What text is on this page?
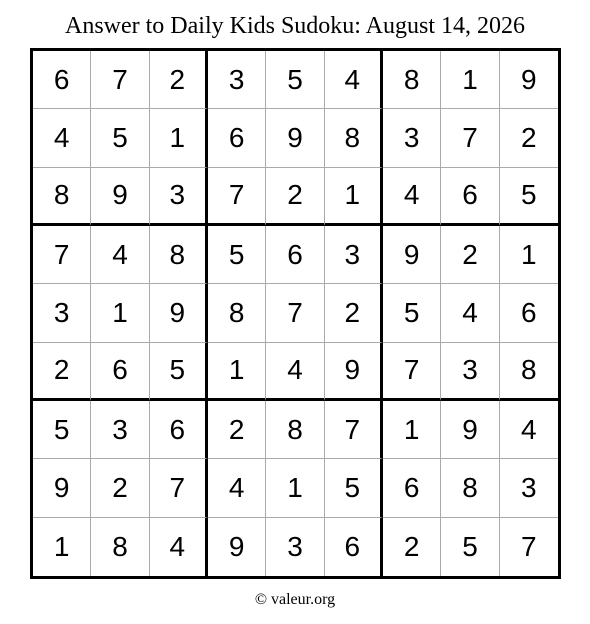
Answer to Daily Kids Sudoku: August 14, 2026
6	7	2	3	5	4	8	1	9
4	5	1	6	9	8	3	7	2
8	9	3	7	2	1	4	6	5
7	4	8	5	6	3	9	2	1
3	1	9	8	7	2	5	4	6
2	6	5	1	4	9	7	3	8
5	3	6	2	8	7	1	9	4
9	2	7	4	1	5	6	8	3
1	8	4	9	3	6	2	5	7
© valeur.org
